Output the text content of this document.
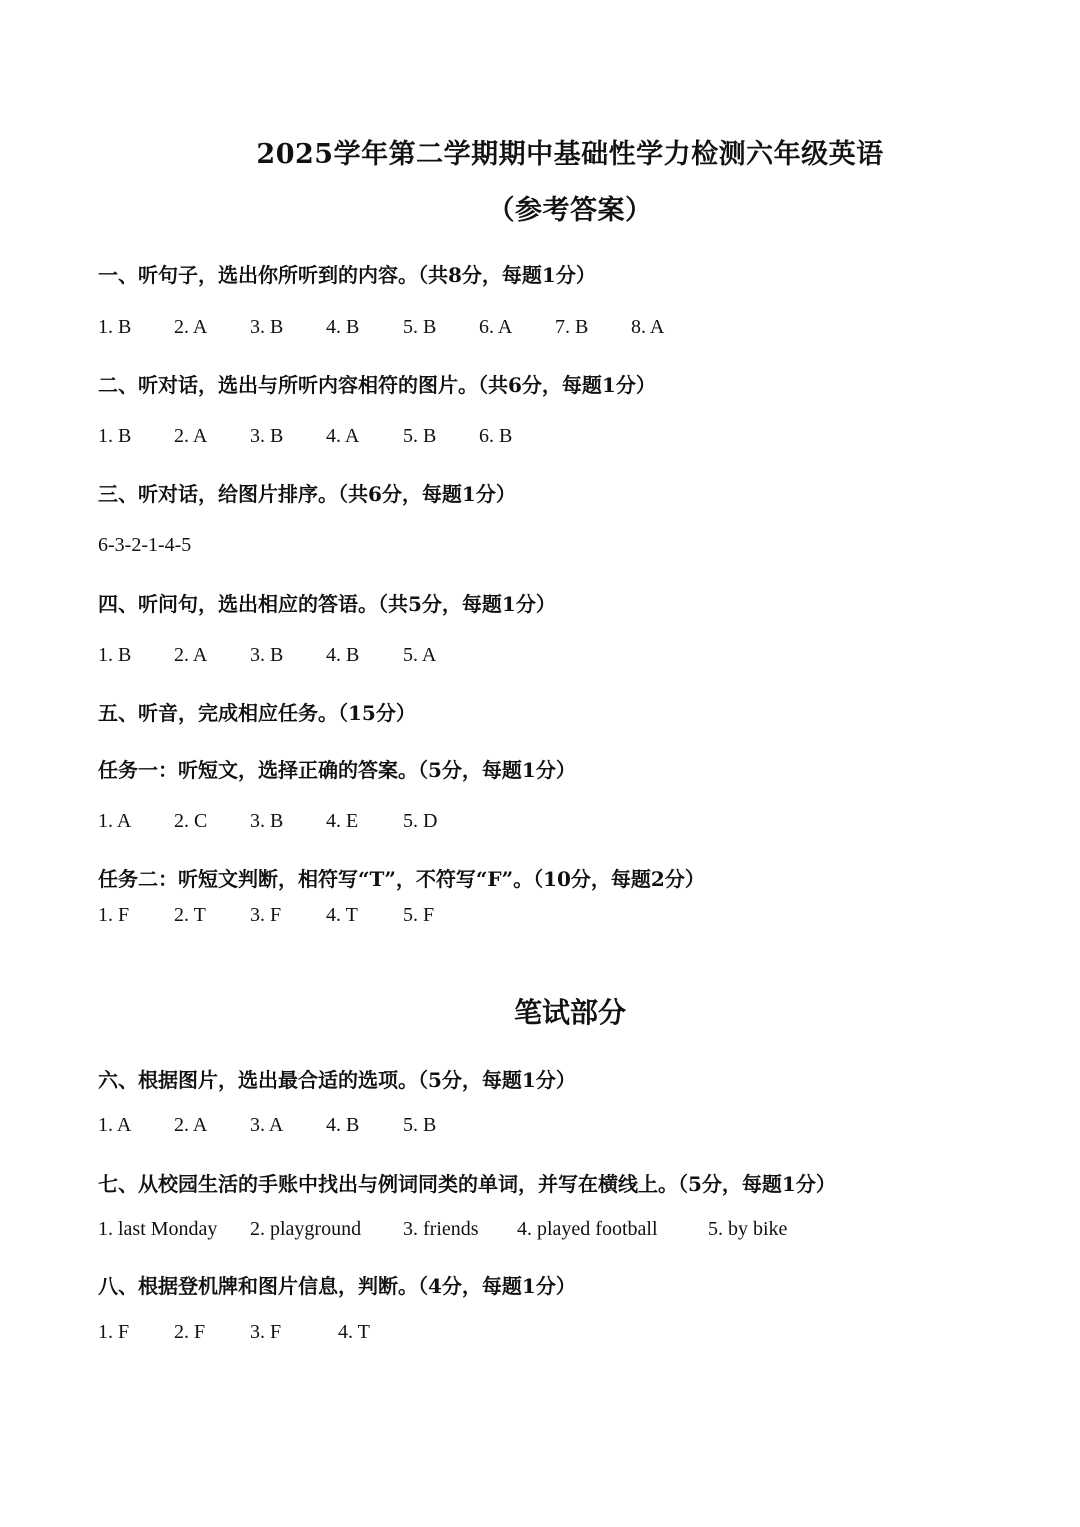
2025学年第二学期期中基础性学力检测六年级英语
（参考答案）
一、听句子，选出你所听到的内容。（共8分，每题1分）
1. B 2. A 3. B 4. B 5. B 6. A 7. B 8. A
二、听对话，选出与所听内容相符的图片。（共6分，每题1分）
1. B 2. A 3. B 4. A 5. B 6. B
三、听对话，给图片排序。（共6分，每题1分）
6-3-2-1-4-5
四、听问句，选出相应的答语。（共5分，每题1分）
1. B 2. A 3. B 4. B 5. A
五、听音，完成相应任务。（15分）
任务一：听短文，选择正确的答案。（5分，每题1分）
1. A 2. C 3. B 4. E 5. D
任务二：听短文判断，相符写“T”，不符写“F”。（10分，每题2分）
1. F 2. T 3. F 4. T 5. F
笔试部分
六、根据图片，选出最合适的选项。（5分，每题1分）
1. A 2. A 3. A 4. B 5. B
七、从校园生活的手账中找出与例词同类的单词，并写在横线上。（5分，每题1分）
1. last Monday 2. playground 3. friends 4. played football	5. by bike
八、根据登机牌和图片信息，判断。（4分，每题1分）
1. F 2. F 3. F	4. T
